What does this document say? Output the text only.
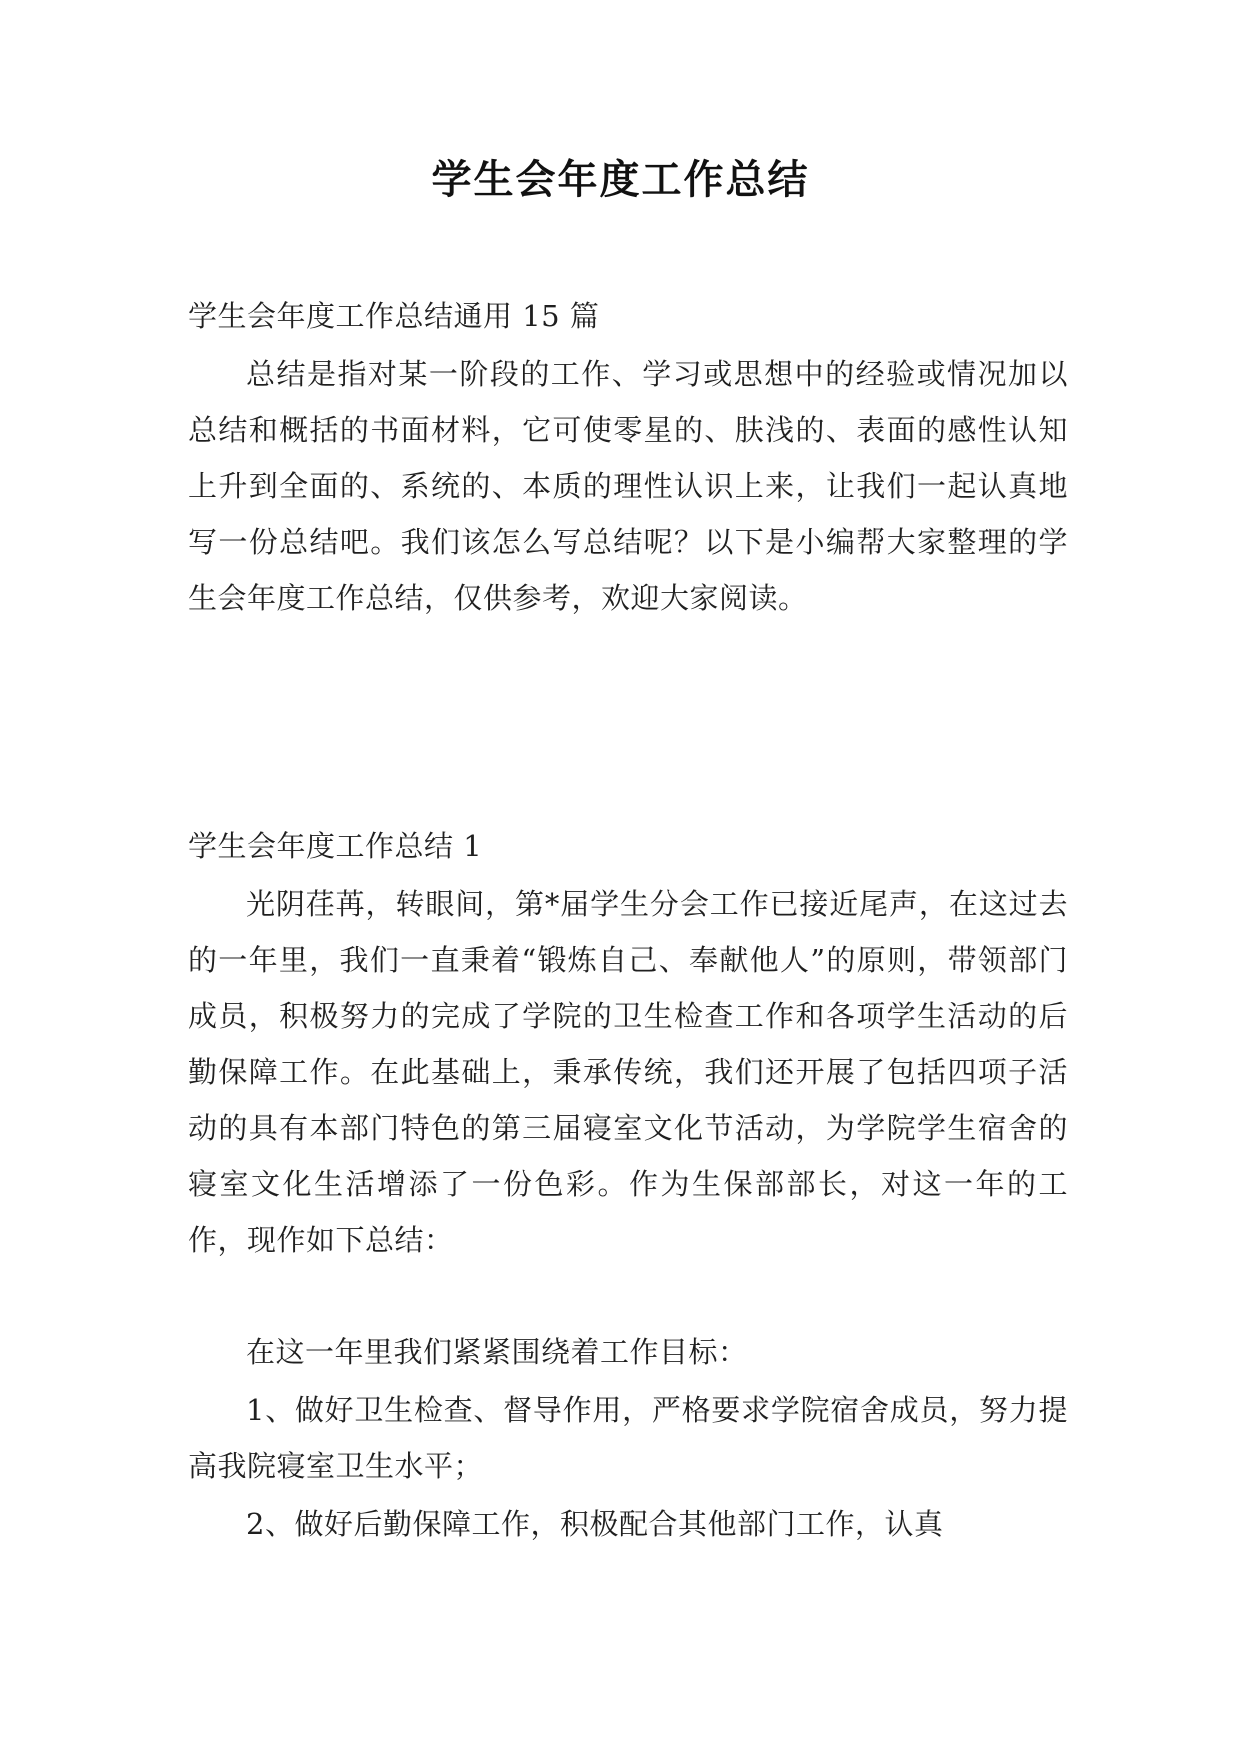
学生会年度工作总结

学生会年度工作总结通用 15 篇

总结是指对某一阶段的工作、学习或思想中的经验或情况加以总结和概括的书面材料，它可使零星的、肤浅的、表面的感性认知上升到全面的、系统的、本质的理性认识上来，让我们一起认真地写一份总结吧。我们该怎么写总结呢？以下是小编帮大家整理的学生会年度工作总结，仅供参考，欢迎大家阅读。

学生会年度工作总结 1

光阴荏苒，转眼间，第*届学生分会工作已接近尾声，在这过去的一年里，我们一直秉着“锻炼自己、奉献他人”的原则，带领部门成员，积极努力的完成了学院的卫生检查工作和各项学生活动的后勤保障工作。在此基础上，秉承传统，我们还开展了包括四项子活动的具有本部门特色的第三届寝室文化节活动，为学院学生宿舍的寝室文化生活增添了一份色彩。作为生保部部长，对这一年的工作，现作如下总结：

在这一年里我们紧紧围绕着工作目标：

1、做好卫生检查、督导作用，严格要求学院宿舍成员，努力提高我院寝室卫生水平；

2、做好后勤保障工作，积极配合其他部门工作，认真
